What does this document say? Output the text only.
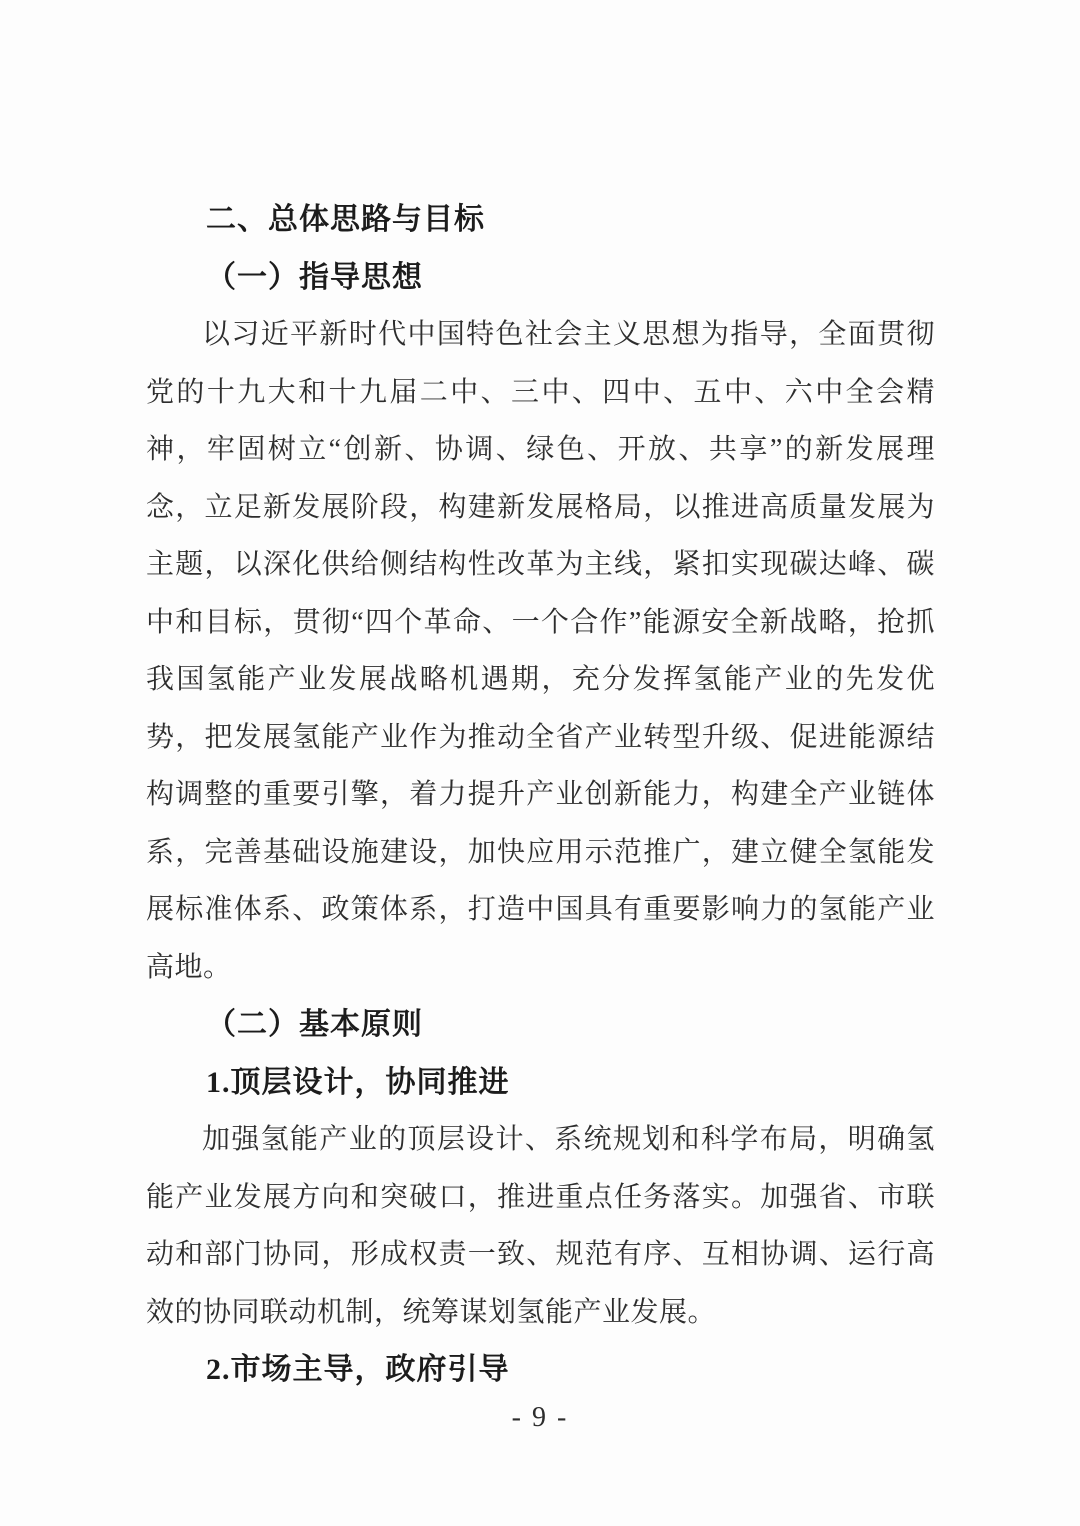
二、总体思路与目标
（一）指导思想
以习近平新时代中国特色社会主义思想为指导，全面贯彻党的十九大和十九届二中、三中、四中、五中、六中全会精神，牢固树立“创新、协调、绿色、开放、共享”的新发展理念，立足新发展阶段，构建新发展格局，以推进高质量发展为主题，以深化供给侧结构性改革为主线，紧扣实现碳达峰、碳中和目标，贯彻“四个革命、一个合作”能源安全新战略，抢抓我国氢能产业发展战略机遇期，充分发挥氢能产业的先发优势，把发展氢能产业作为推动全省产业转型升级、促进能源结构调整的重要引擎，着力提升产业创新能力，构建全产业链体系，完善基础设施建设，加快应用示范推广，建立健全氢能发展标准体系、政策体系，打造中国具有重要影响力的氢能产业高地。
（二）基本原则
1.顶层设计，协同推进
加强氢能产业的顶层设计、系统规划和科学布局，明确氢能产业发展方向和突破口，推进重点任务落实。加强省、市联动和部门协同，形成权责一致、规范有序、互相协调、运行高效的协同联动机制，统筹谋划氢能产业发展。
2.市场主导，政府引导
- 9 -
